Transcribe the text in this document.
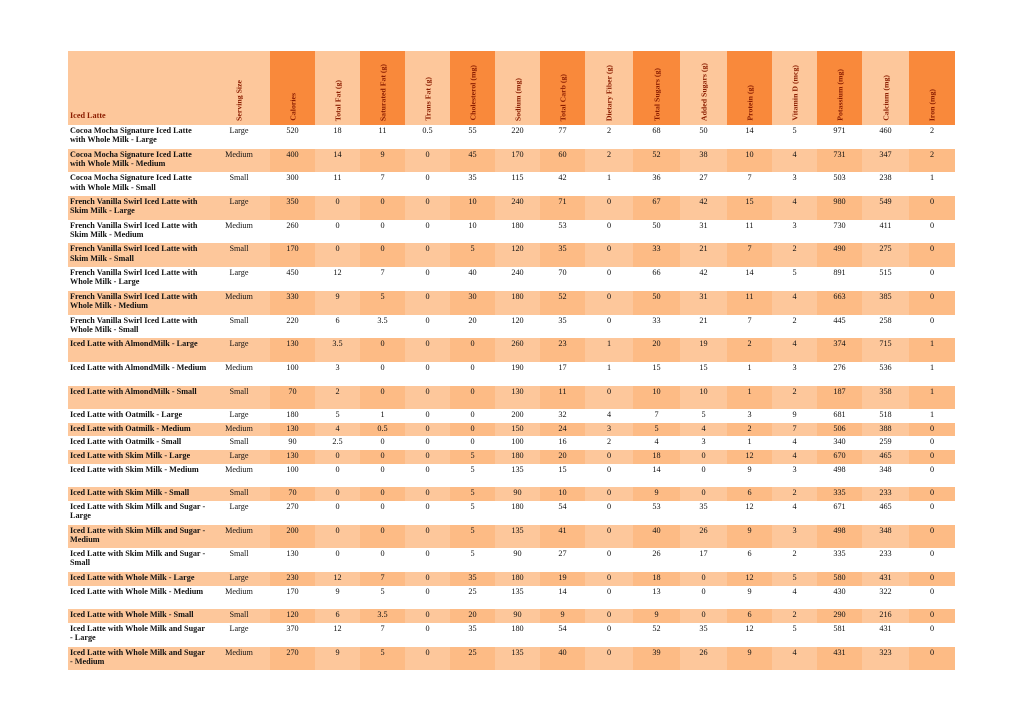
Iced Latte	Serving Size	Calories	Total Fat (g)	Saturated Fat (g)	Trans Fat (g)	Cholesterol (mg)	Sodium (mg)	Total Carb (g)	Dietary Fiber (g)	Total Sugars (g)	Added Sugars (g)	Protein (g)	Vitamin D (mcg)	Potassium (mg)	Calcium (mg)	Iron (mg)

Cocoa Mocha Signature Iced Latte with Whole Milk - Large	Large	520	18	11	0.5	55	220	77	2	68	50	14	5	971	460	2
Cocoa Mocha Signature Iced Latte with Whole Milk - Medium	Medium	400	14	9	0	45	170	60	2	52	38	10	4	731	347	2
Cocoa Mocha Signature Iced Latte with Whole Milk - Small	Small	300	11	7	0	35	115	42	1	36	27	7	3	503	238	1
French Vanilla Swirl Iced Latte with Skim Milk - Large	Large	350	0	0	0	10	240	71	0	67	42	15	4	980	549	0
French Vanilla Swirl Iced Latte with Skim Milk - Medium	Medium	260	0	0	0	10	180	53	0	50	31	11	3	730	411	0
French Vanilla Swirl Iced Latte with Skim Milk - Small	Small	170	0	0	0	5	120	35	0	33	21	7	2	490	275	0
French Vanilla Swirl Iced Latte with Whole Milk - Large	Large	450	12	7	0	40	240	70	0	66	42	14	5	891	515	0
French Vanilla Swirl Iced Latte with Whole Milk - Medium	Medium	330	9	5	0	30	180	52	0	50	31	11	4	663	385	0
French Vanilla Swirl Iced Latte with Whole Milk - Small	Small	220	6	3.5	0	20	120	35	0	33	21	7	2	445	258	0
Iced Latte with AlmondMilk - Large	Large	130	3.5	0	0	0	260	23	1	20	19	2	4	374	715	1
Iced Latte with AlmondMilk - Medium	Medium	100	3	0	0	0	190	17	1	15	15	1	3	276	536	1
Iced Latte with AlmondMilk - Small	Small	70	2	0	0	0	130	11	0	10	10	1	2	187	358	1
Iced Latte with Oatmilk - Large	Large	180	5	1	0	0	200	32	4	7	5	3	9	681	518	1
Iced Latte with Oatmilk - Medium	Medium	130	4	0.5	0	0	150	24	3	5	4	2	7	506	388	0
Iced Latte with Oatmilk - Small	Small	90	2.5	0	0	0	100	16	2	4	3	1	4	340	259	0
Iced Latte with Skim Milk - Large	Large	130	0	0	0	5	180	20	0	18	0	12	4	670	465	0
Iced Latte with Skim Milk - Medium	Medium	100	0	0	0	5	135	15	0	14	0	9	3	498	348	0
Iced Latte with Skim Milk - Small	Small	70	0	0	0	5	90	10	0	9	0	6	2	335	233	0
Iced Latte with Skim Milk and Sugar - Large	Large	270	0	0	0	5	180	54	0	53	35	12	4	671	465	0
Iced Latte with Skim Milk and Sugar - Medium	Medium	200	0	0	0	5	135	41	0	40	26	9	3	498	348	0
Iced Latte with Skim Milk and Sugar - Small	Small	130	0	0	0	5	90	27	0	26	17	6	2	335	233	0
Iced Latte with Whole Milk - Large	Large	230	12	7	0	35	180	19	0	18	0	12	5	580	431	0
Iced Latte with Whole Milk - Medium	Medium	170	9	5	0	25	135	14	0	13	0	9	4	430	322	0
Iced Latte with Whole Milk - Small	Small	120	6	3.5	0	20	90	9	0	9	0	6	2	290	216	0
Iced Latte with Whole Milk and Sugar - Large	Large	370	12	7	0	35	180	54	0	52	35	12	5	581	431	0
Iced Latte with Whole Milk and Sugar - Medium	Medium	270	9	5	0	25	135	40	0	39	26	9	4	431	323	0
